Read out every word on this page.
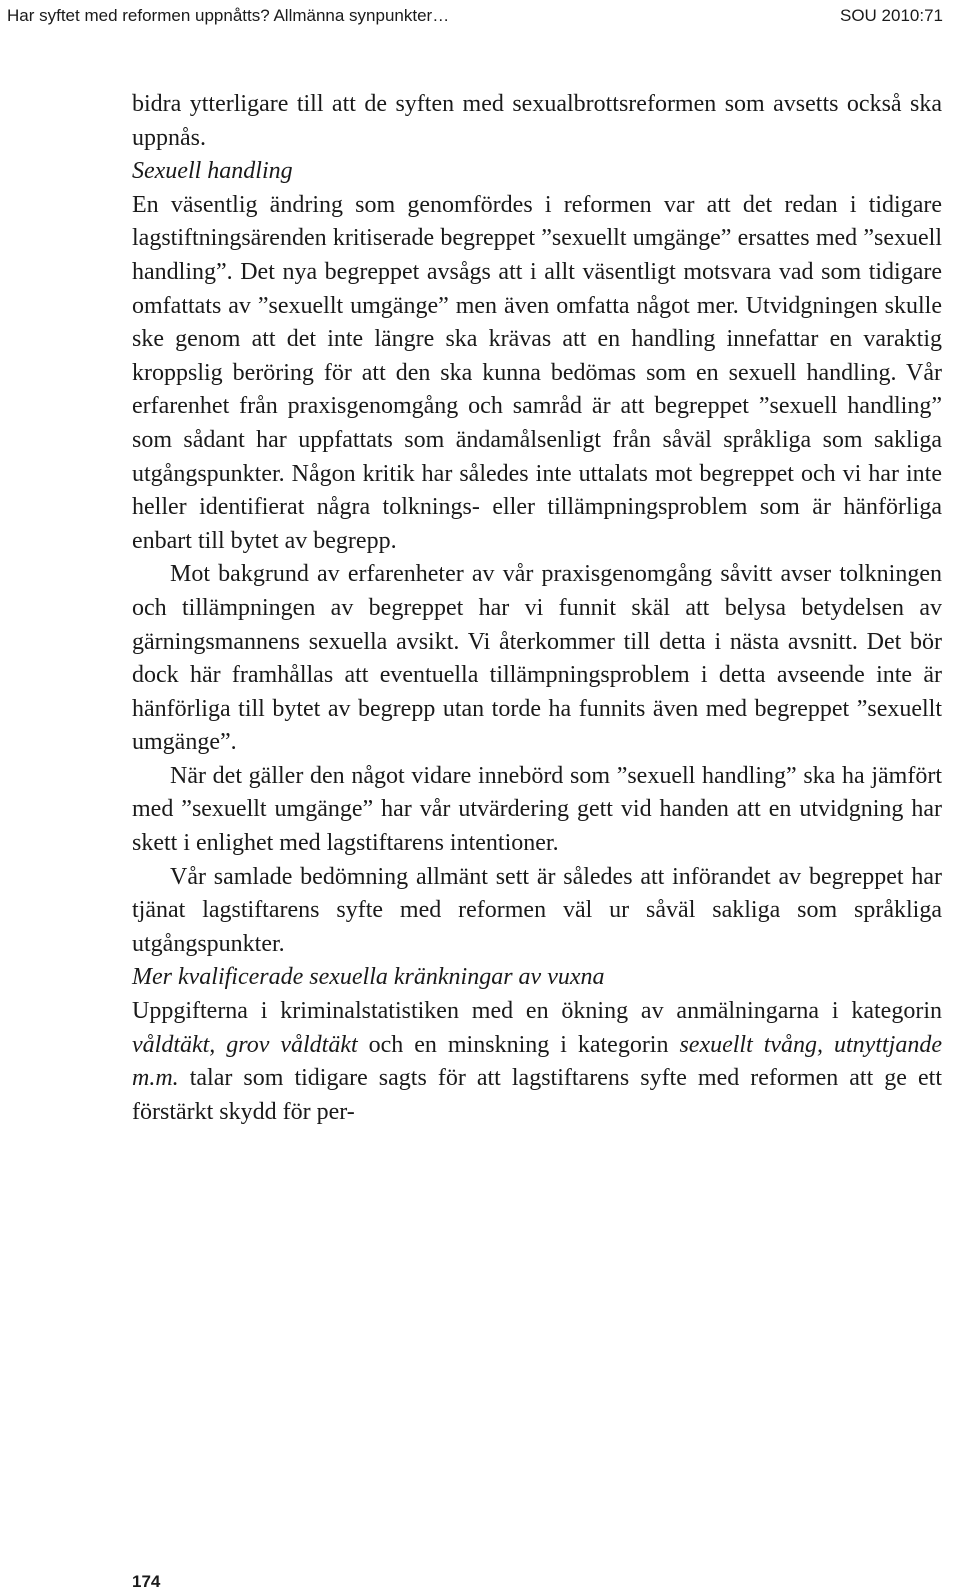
Har syftet med reformen uppnåtts? Allmänna synpunkter…	SOU 2010:71

bidra ytterligare till att de syften med sexualbrottsreformen som avsetts också ska uppnås.

Sexuell handling

En väsentlig ändring som genomfördes i reformen var att det redan i tidigare lagstiftningsärenden kritiserade begreppet ”sexuellt umgänge” ersattes med ”sexuell handling”. Det nya begreppet avsågs att i allt väsentligt motsvara vad som tidigare omfattats av ”sexuellt umgänge” men även omfatta något mer. Utvidgningen skulle ske genom att det inte längre ska krävas att en handling innefattar en varaktig kroppslig beröring för att den ska kunna bedömas som en sexuell handling. Vår erfarenhet från praxisgenomgång och samråd är att begreppet ”sexuell handling” som sådant har uppfattats som ändamålsenligt från såväl språkliga som sakliga utgångspunkter. Någon kritik har således inte uttalats mot begreppet och vi har inte heller identifierat några tolknings- eller tillämpningsproblem som är hänförliga enbart till bytet av begrepp.

Mot bakgrund av erfarenheter av vår praxisgenomgång såvitt avser tolkningen och tillämpningen av begreppet har vi funnit skäl att belysa betydelsen av gärningsmannens sexuella avsikt. Vi återkommer till detta i nästa avsnitt. Det bör dock här framhållas att eventuella tillämpningsproblem i detta avseende inte är hänförliga till bytet av begrepp utan torde ha funnits även med begreppet ”sexuellt umgänge”.

När det gäller den något vidare innebörd som ”sexuell handling” ska ha jämfört med ”sexuellt umgänge” har vår utvärdering gett vid handen att en utvidgning har skett i enlighet med lagstiftarens intentioner.

Vår samlade bedömning allmänt sett är således att införandet av begreppet har tjänat lagstiftarens syfte med reformen väl ur såväl sakliga som språkliga utgångspunkter.

Mer kvalificerade sexuella kränkningar av vuxna

Uppgifterna i kriminalstatistiken med en ökning av anmälningarna i kategorin våldtäkt, grov våldtäkt och en minskning i kategorin sexuellt tvång, utnyttjande m.m. talar som tidigare sagts för att lagstiftarens syfte med reformen att ge ett förstärkt skydd för per-

174
